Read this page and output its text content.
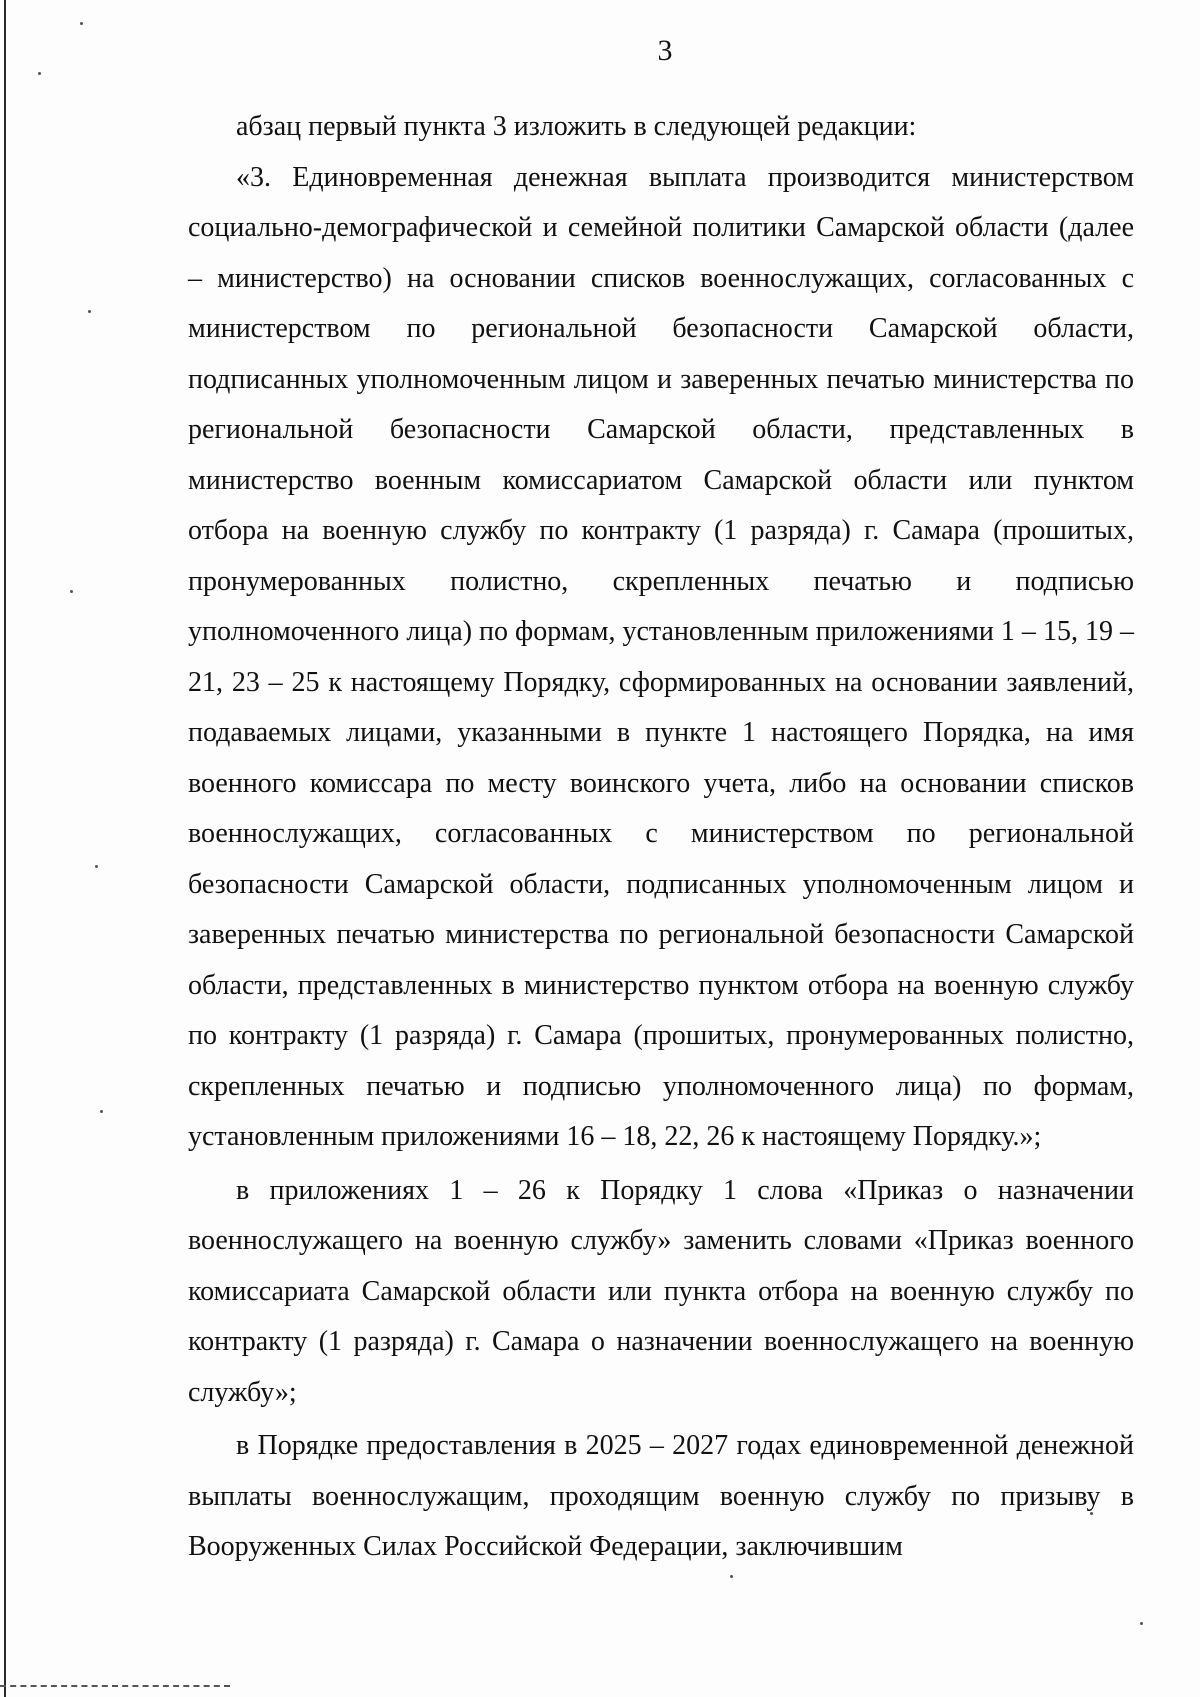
3

абзац первый пункта 3 изложить в следующей редакции:

«3. Единовременная денежная выплата производится министерством социально-демографической и семейной политики Самарской области (далее – министерство) на основании списков военнослужащих, согласованных с министерством по региональной безопасности Самарской области, подписанных уполномоченным лицом и заверенных печатью министерства по региональной безопасности Самарской области, представленных в министерство военным комиссариатом Самарской области или пунктом отбора на военную службу по контракту (1 разряда) г. Самара (прошитых, пронумерованных полистно, скрепленных печатью и подписью уполномоченного лица) по формам, установленным приложениями 1 – 15, 19 – 21, 23 – 25 к настоящему Порядку, сформированных на основании заявлений, подаваемых лицами, указанными в пункте 1 настоящего Порядка, на имя военного комиссара по месту воинского учета, либо на основании списков военнослужащих, согласованных с министерством по региональной безопасности Самарской области, подписанных уполномоченным лицом и заверенных печатью министерства по региональной безопасности Самарской области, представленных в министерство пунктом отбора на военную службу по контракту (1 разряда) г. Самара (прошитых, пронумерованных полистно, скрепленных печатью и подписью уполномоченного лица) по формам, установленным приложениями 16 – 18, 22, 26 к настоящему Порядку.»;

в приложениях 1 – 26 к Порядку 1 слова «Приказ о назначении военнослужащего на военную службу» заменить словами «Приказ военного комиссариата Самарской области или пункта отбора на военную службу по контракту (1 разряда) г. Самара о назначении военнослужащего на военную службу»;

в Порядке предоставления в 2025 – 2027 годах единовременной денежной выплаты военнослужащим, проходящим военную службу по призыву в Вооруженных Силах Российской Федерации, заключившим
